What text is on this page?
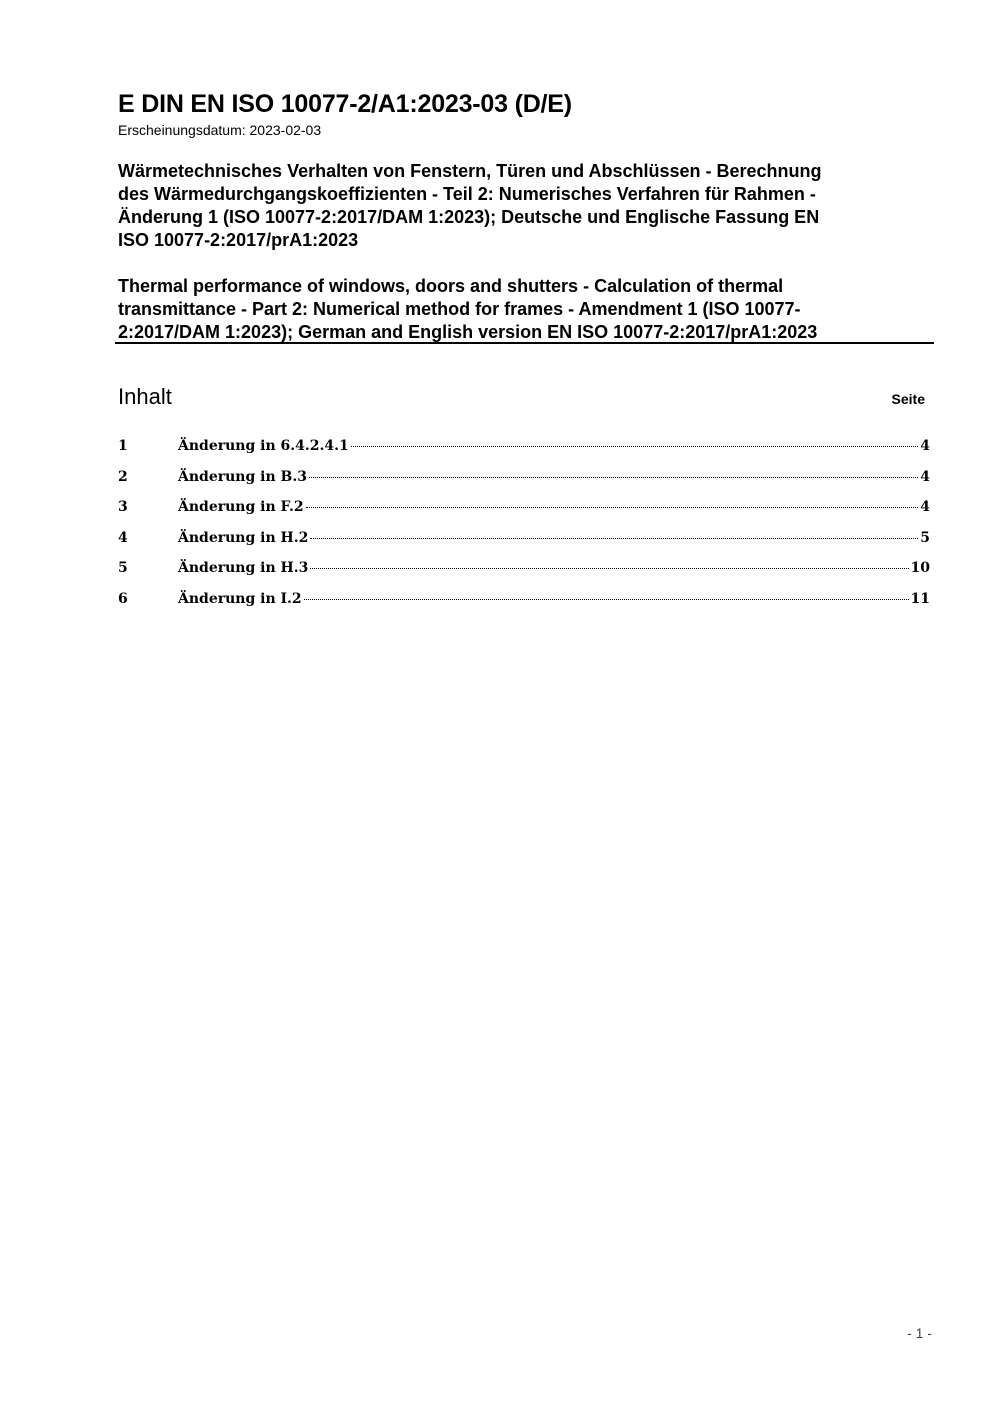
E DIN EN ISO 10077-2/A1:2023-03 (D/E)
Erscheinungsdatum: 2023-02-03
Wärmetechnisches Verhalten von Fenstern, Türen und Abschlüssen - Berechnung
des Wärmedurchgangskoeffizienten - Teil 2: Numerisches Verfahren für Rahmen -
Änderung 1 (ISO 10077-2:2017/DAM 1:2023); Deutsche und Englische Fassung EN
ISO 10077-2:2017/prA1:2023
Thermal performance of windows, doors and shutters - Calculation of thermal
transmittance - Part 2: Numerical method for frames - Amendment 1 (ISO 10077-
2:2017/DAM 1:2023); German and English version EN ISO 10077-2:2017/prA1:2023
Inhalt	Seite
1	Änderung in 6.4.2.4.1	4
2	Änderung in B.3	4
3	Änderung in F.2	4
4	Änderung in H.2	5
5	Änderung in H.3	10
6	Änderung in I.2	11
- 1 -
